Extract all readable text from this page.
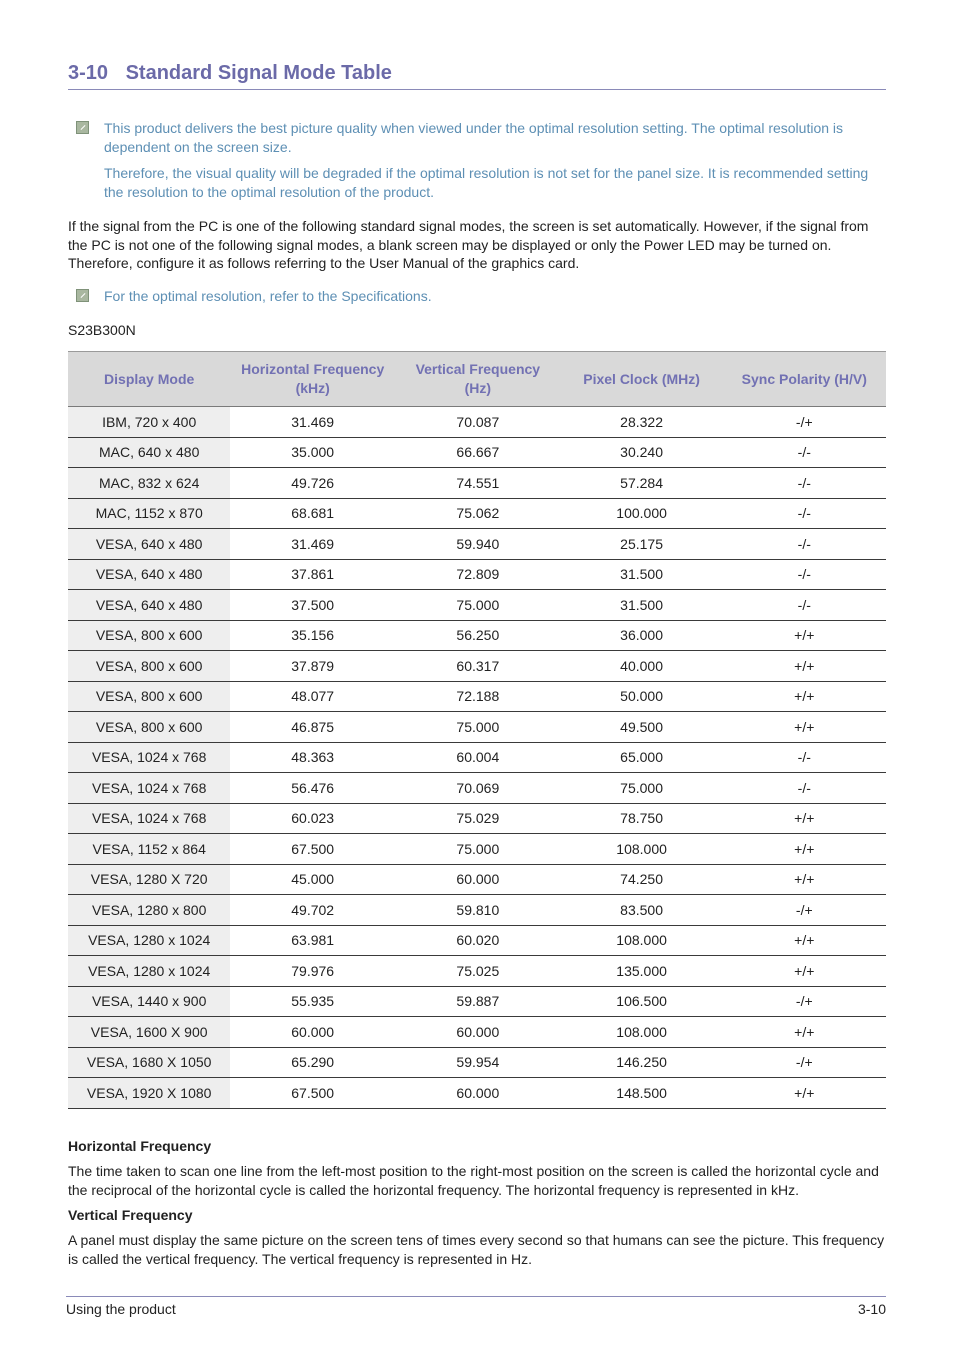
3-10 Standard Signal Mode Table

This product delivers the best picture quality when viewed under the optimal resolution setting. The optimal resolution is dependent on the screen size.

Therefore, the visual quality will be degraded if the optimal resolution is not set for the panel size. It is recommended setting the resolution to the optimal resolution of the product.

If the signal from the PC is one of the following standard signal modes, the screen is set automatically. However, if the signal from the PC is not one of the following signal modes, a blank screen may be displayed or only the Power LED may be turned on. Therefore, configure it as follows referring to the User Manual of the graphics card.
For the optimal resolution, refer to the Specifications.
S23B300N
Display Mode	Horizontal Frequency (kHz)	Vertical Frequency (Hz)	Pixel Clock (MHz)	Sync Polarity (H/V)
IBM, 720 x 400	31.469	70.087	28.322	-/+
MAC, 640 x 480	35.000	66.667	30.240	-/-
MAC, 832 x 624	49.726	74.551	57.284	-/-
MAC, 1152 x 870	68.681	75.062	100.000	-/-
VESA, 640 x 480	31.469	59.940	25.175	-/-
VESA, 640 x 480	37.861	72.809	31.500	-/-
VESA, 640 x 480	37.500	75.000	31.500	-/-
VESA, 800 x 600	35.156	56.250	36.000	+/+
VESA, 800 x 600	37.879	60.317	40.000	+/+
VESA, 800 x 600	48.077	72.188	50.000	+/+
VESA, 800 x 600	46.875	75.000	49.500	+/+
VESA, 1024 x 768	48.363	60.004	65.000	-/-
VESA, 1024 x 768	56.476	70.069	75.000	-/-
VESA, 1024 x 768	60.023	75.029	78.750	+/+
VESA, 1152 x 864	67.500	75.000	108.000	+/+
VESA, 1280 X 720	45.000	60.000	74.250	+/+
VESA, 1280 x 800	49.702	59.810	83.500	-/+
VESA, 1280 x 1024	63.981	60.020	108.000	+/+
VESA, 1280 x 1024	79.976	75.025	135.000	+/+
VESA, 1440 x 900	55.935	59.887	106.500	-/+
VESA, 1600 X 900	60.000	60.000	108.000	+/+
VESA, 1680 X 1050	65.290	59.954	146.250	-/+
VESA, 1920 X 1080	67.500	60.000	148.500	+/+
Horizontal Frequency
The time taken to scan one line from the left-most position to the right-most position on the screen is called the horizontal cycle and the reciprocal of the horizontal cycle is called the horizontal frequency. The horizontal frequency is represented in kHz.
Vertical Frequency
A panel must display the same picture on the screen tens of times every second so that humans can see the picture. This frequency is called the vertical frequency. The vertical frequency is represented in Hz.
Using the product	3-10
